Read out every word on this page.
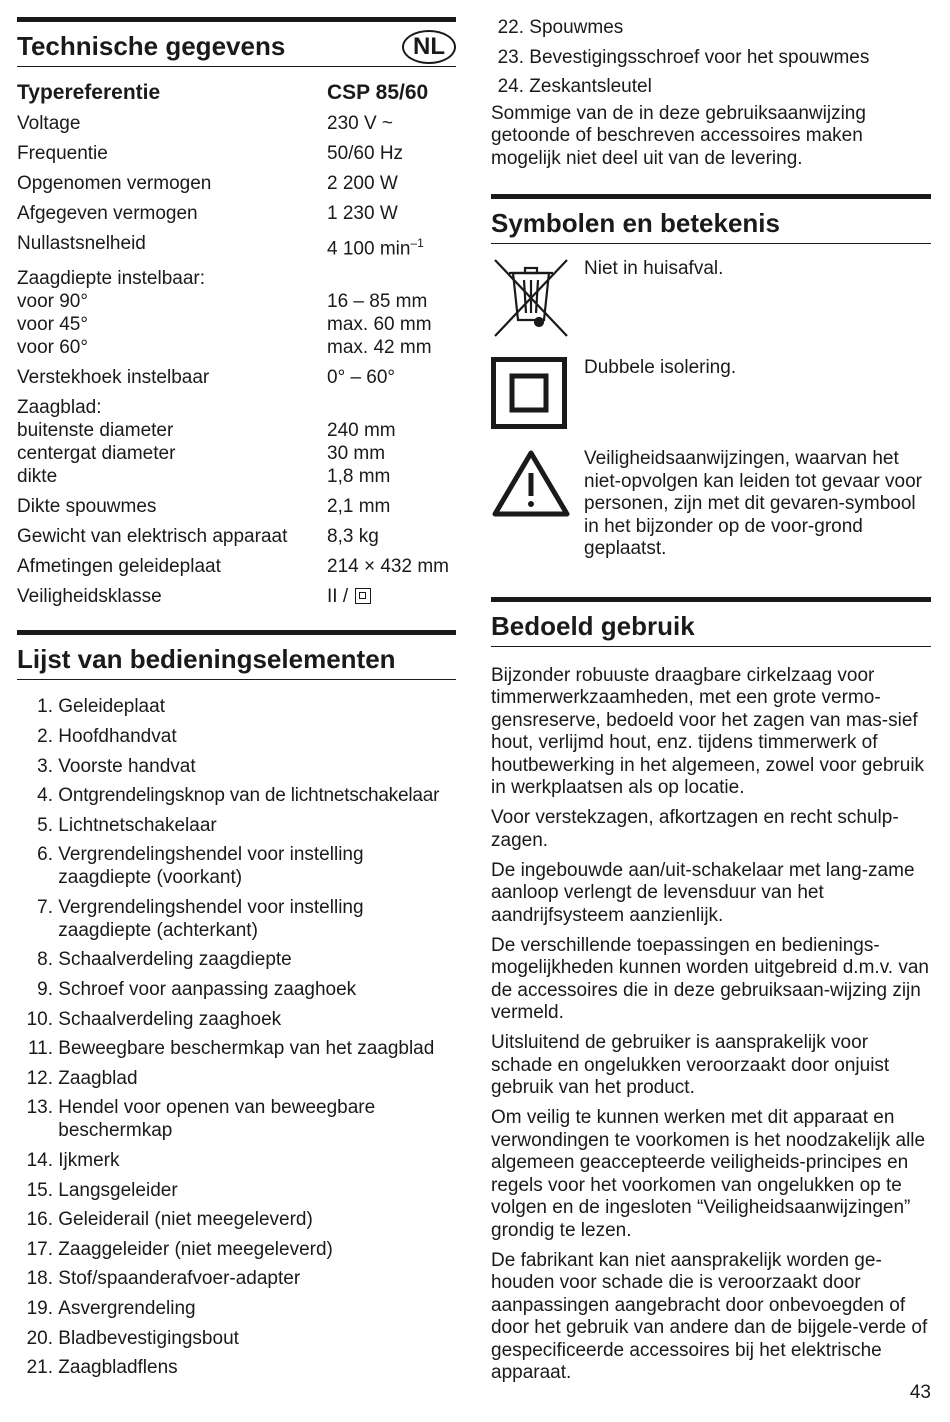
Technische gegevens	NL
Typereferentie	CSP 85/60
Voltage	230 V ~
Frequentie	50/60 Hz
Opgenomen vermogen	2 200 W
Afgegeven vermogen	1 230 W
Nullastsnelheid	4 100 $\min^{-1}$
Zaagdiepte instelbaar:
voor 90°	16 – 85 mm
voor 45°	max. 60 mm
voor 60°	max. 42 mm
Verstekhoek instelbaar	0° – 60°
Zaagblad:
buitenste diameter	240 mm
centergat diameter	30 mm
dikte	1,8 mm
Dikte spouwmes	2,1 mm
Gewicht van elektrisch apparaat	8,3 kg
Afmetingen geleideplaat	214 × 432 mm
Veiligheidsklasse	II /
Lijst van bedieningselementen
1.
Geleideplaat
2.
Hoofdhandvat
3.
Voorste handvat
4.
Ontgrendelingsknop van de lichtnetschakelaar
5.
Lichtnetschakelaar
6.
Vergrendelingshendel voor instelling zaagdiepte (voorkant)
7.
Vergrendelingshendel voor instelling zaagdiepte (achterkant)
8.
Schaalverdeling zaagdiepte
9.
Schroef voor aanpassing zaaghoek
10.
Schaalverdeling zaaghoek
11.
Beweegbare beschermkap van het zaagblad
12.
Zaagblad
13.
Hendel voor openen van beweegbare beschermkap
14.
Ijkmerk
15.
Langsgeleider
16.
Geleiderail (niet meegeleverd)
17.
Zaaggeleider (niet meegeleverd)
18.
Stof/spaanderafvoer-adapter
19.
Asvergrendeling
20.
Bladbevestigingsbout
21.
Zaagbladflens
22.
Spouwmes
23.
Bevestigingsschroef voor het spouwmes
24.
Zeskantsleutel

Sommige van de in deze gebruiksaanwijzing getoonde of beschreven accessoires maken mogelijk niet deel uit van de levering.

Symbolen en betekenis
Niet in huisafval.
Dubbele isolering.
Veiligheidsaanwijzingen, waarvan het niet-opvolgen kan leiden tot gevaar voor personen, zijn met dit gevaren-symbool in het bijzonder op de voor-grond geplaatst.
Bedoeld gebruik

Bijzonder robuuste draagbare cirkelzaag voor timmerwerkzaamheden, met een grote vermo-gensreserve, bedoeld voor het zagen van mas-sief hout, verlijmd hout, enz. tijdens timmerwerk of houtbewerking in het algemeen, zowel voor gebruik in werkplaatsen als op locatie.

Voor verstekzagen, afkortzagen en recht schulp-zagen.

De ingebouwde aan/uit-schakelaar met lang-zame aanloop verlengt de levensduur van het aandrijfsysteem aanzienlijk.

De verschillende toepassingen en bedienings-mogelijkheden kunnen worden uitgebreid d.m.v. van de accessoires die in deze gebruiksaan-wijzing zijn vermeld.

Uitsluitend de gebruiker is aansprakelijk voor schade en ongelukken veroorzaakt door onjuist gebruik van het product.

Om veilig te kunnen werken met dit apparaat en verwondingen te voorkomen is het noodzakelijk alle algemeen geaccepteerde veiligheids-principes en regels voor het voorkomen van ongelukken op te volgen en de ingesloten “Veiligheidsaanwijzingen” grondig te lezen.

De fabrikant kan niet aansprakelijk worden ge-houden voor schade die is veroorzaakt door aanpassingen aangebracht door onbevoegden of door het gebruik van andere dan de bijgele-verde of gespecificeerde accessoires bij het elektrische apparaat.

43
